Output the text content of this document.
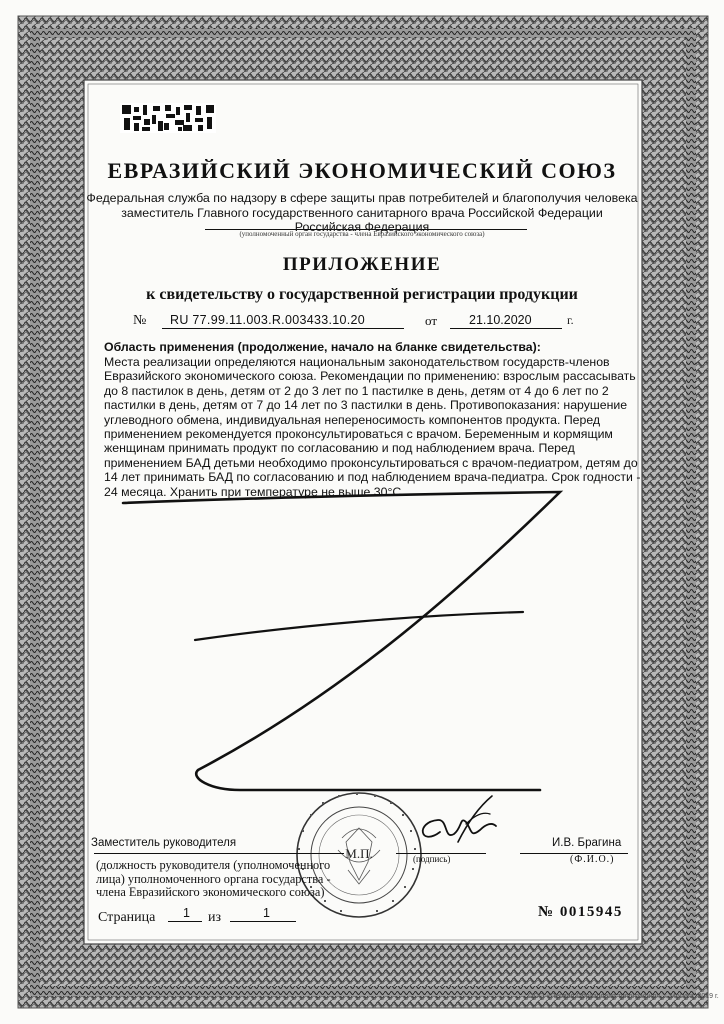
ЕВРАЗИЙСКИЙ ЭКОНОМИЧЕСКИЙ СОЮЗ
Федеральная служба по надзору в сфере защиты прав потребителей и благополучия человека
заместитель Главного государственного санитарного врача Российской Федерации
Российская Федерация
(уполномоченный орган государства - члена Евразийского экономического союза)
ПРИЛОЖЕНИЕ
к свидетельству о государственной регистрации продукции
№ RU 77.99.11.003.R.003433.10.20	от	21.10.2020	г.
Область применения (продолжение, начало на бланке свидетельства):
Места реализации определяются национальным законодательством государств-членов Евразийского экономического союза. Рекомендации по применению: взрослым рассасывать до 8 пастилок в день, детям от 2 до 3 лет по 1 пастилке в день, детям от 4 до 6 лет по 2 пастилки в день, детям от 7 до 14 лет по 3 пастилки в день. Противопоказания: нарушение углеводного обмена, индивидуальная непереносимость компонентов продукта. Перед применением рекомендуется проконсультироваться с врачом. Беременным и кормящим женщинам принимать продукт по согласованию и под наблюдением врача. Перед применением БАД детьми необходимо проконсультироваться с врачом-педиатром, детям до 14 лет принимать БАД по согласованию и под наблюдением врача-педиатра. Срок годности - 24 месяца. Хранить при температуре не выше 30°С
М.П.
Заместитель руководителя	И.В. Брагина
(подпись)	(Ф.И.О.)
(должность руководителя (уполномоченного лица) уполномоченного органа государства - члена Евразийского экономического союза)
Страница 1 из	1	№ 0015945
ООО «Первая Образцовая типография», г. Москва, 2019 г.
